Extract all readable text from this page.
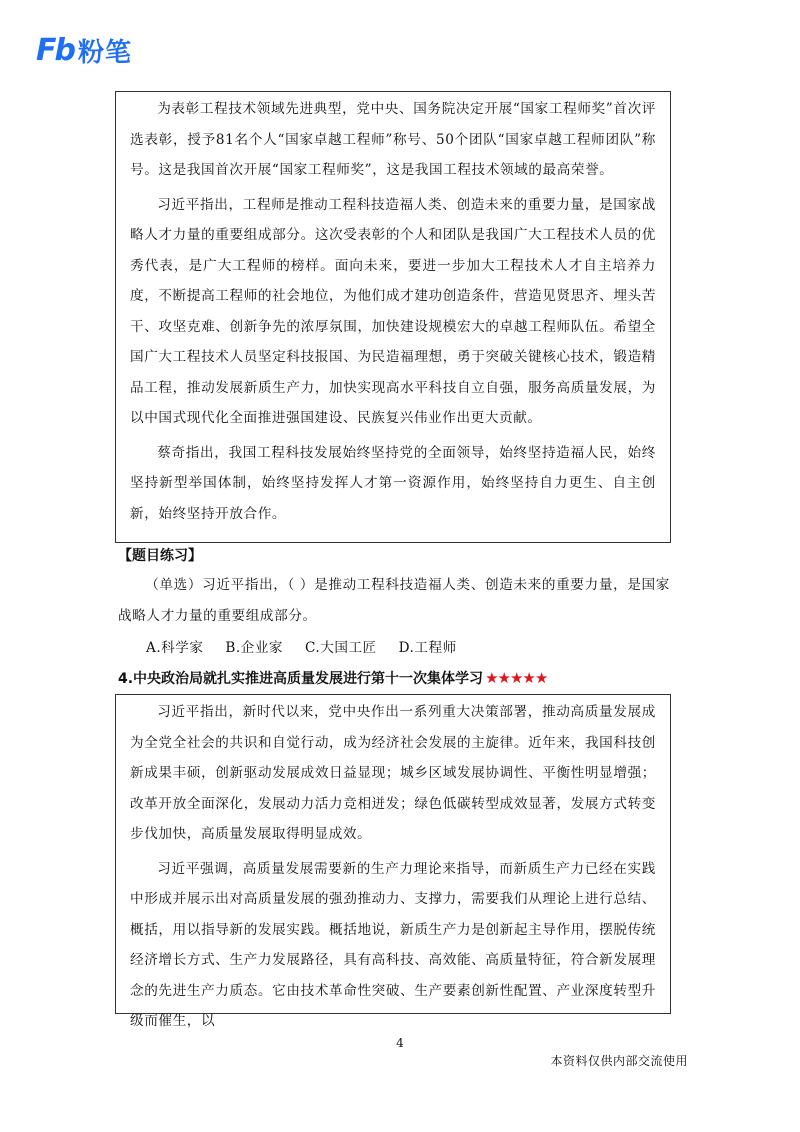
Fb 粉笔

为表彰工程技术领域先进典型，党中央、国务院决定开展“国家工程师奖”首次评选表彰，授予81名个人“国家卓越工程师”称号、50个团队“国家卓越工程师团队”称号。这是我国首次开展“国家工程师奖”，这是我国工程技术领域的最高荣誉。

习近平指出，工程师是推动工程科技造福人类、创造未来的重要力量，是国家战略人才力量的重要组成部分。这次受表彰的个人和团队是我国广大工程技术人员的优秀代表，是广大工程师的榜样。面向未来，要进一步加大工程技术人才自主培养力度，不断提高工程师的社会地位，为他们成才建功创造条件，营造见贤思齐、埋头苦干、攻坚克难、创新争先的浓厚氛围，加快建设规模宏大的卓越工程师队伍。希望全国广大工程技术人员坚定科技报国、为民造福理想，勇于突破关键核心技术，锻造精品工程，推动发展新质生产力，加快实现高水平科技自立自强，服务高质量发展，为以中国式现代化全面推进强国建设、民族复兴伟业作出更大贡献。

蔡奇指出，我国工程科技发展始终坚持党的全面领导，始终坚持造福人民，始终坚持新型举国体制，始终坚持发挥人才第一资源作用，始终坚持自力更生、自主创新，始终坚持开放合作。

【题目练习】

（单选）习近平指出，（ ）是推动工程科技造福人类、创造未来的重要力量，是国家战略人才力量的重要组成部分。

A.科学家 B.企业家 C.大国工匠 D.工程师
4.中央政治局就扎实推进高质量发展进行第十一次集体学习 ★★★★★

习近平指出，新时代以来，党中央作出一系列重大决策部署，推动高质量发展成为全党全社会的共识和自觉行动，成为经济社会发展的主旋律。近年来，我国科技创新成果丰硕，创新驱动发展成效日益显现；城乡区域发展协调性、平衡性明显增强；改革开放全面深化，发展动力活力竞相迸发；绿色低碳转型成效显著，发展方式转变步伐加快，高质量发展取得明显成效。

习近平强调，高质量发展需要新的生产力理论来指导，而新质生产力已经在实践中形成并展示出对高质量发展的强劲推动力、支撑力，需要我们从理论上进行总结、概括，用以指导新的发展实践。概括地说，新质生产力是创新起主导作用，摆脱传统经济增长方式、生产力发展路径，具有高科技、高效能、高质量特征，符合新发展理念的先进生产力质态。它由技术革命性突破、生产要素创新性配置、产业深度转型升级而催生，以

4
本资料仅供内部交流使用
